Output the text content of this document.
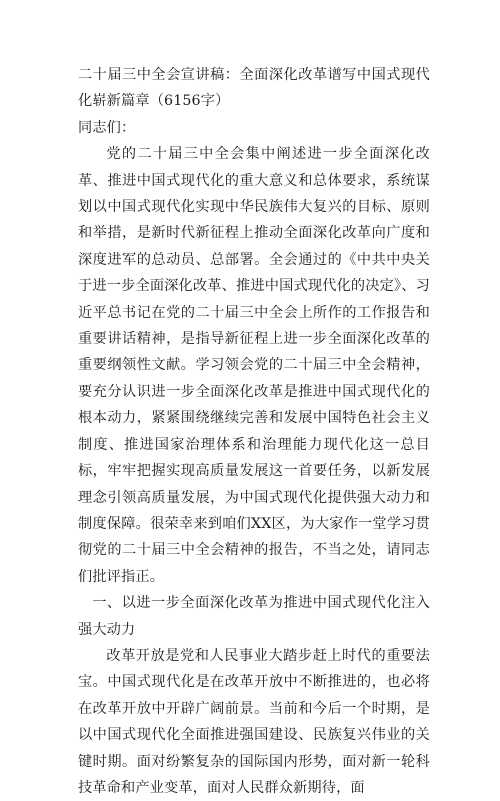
二十届三中全会宣讲稿：全面深化改革谱写中国式现代化崭新篇章（6156字）

同志们：

党的二十届三中全会集中阐述进一步全面深化改革、推进中国式现代化的重大意义和总体要求，系统谋划以中国式现代化实现中华民族伟大复兴的目标、原则和举措，是新时代新征程上推动全面深化改革向广度和深度进军的总动员、总部署。全会通过的《中共中央关于进一步全面深化改革、推进中国式现代化的决定》、习近平总书记在党的二十届三中全会上所作的工作报告和重要讲话精神，是指导新征程上进一步全面深化改革的重要纲领性文献。学习领会党的二十届三中全会精神，要充分认识进一步全面深化改革是推进中国式现代化的根本动力，紧紧围绕继续完善和发展中国特色社会主义制度、推进国家治理体系和治理能力现代化这一总目标，牢牢把握实现高质量发展这一首要任务，以新发展理念引领高质量发展，为中国式现代化提供强大动力和制度保障。很荣幸来到咱们XX区，为大家作一堂学习贯彻党的二十届三中全会精神的报告，不当之处，请同志们批评指正。

一、以进一步全面深化改革为推进中国式现代化注入强大动力

改革开放是党和人民事业大踏步赶上时代的重要法宝。中国式现代化是在改革开放中不断推进的，也必将在改革开放中开辟广阔前景。当前和今后一个时期，是以中国式现代化全面推进强国建设、民族复兴伟业的关键时期。面对纷繁复杂的国际国内形势，面对新一轮科技革命和产业变革，面对人民群众新期待，面
